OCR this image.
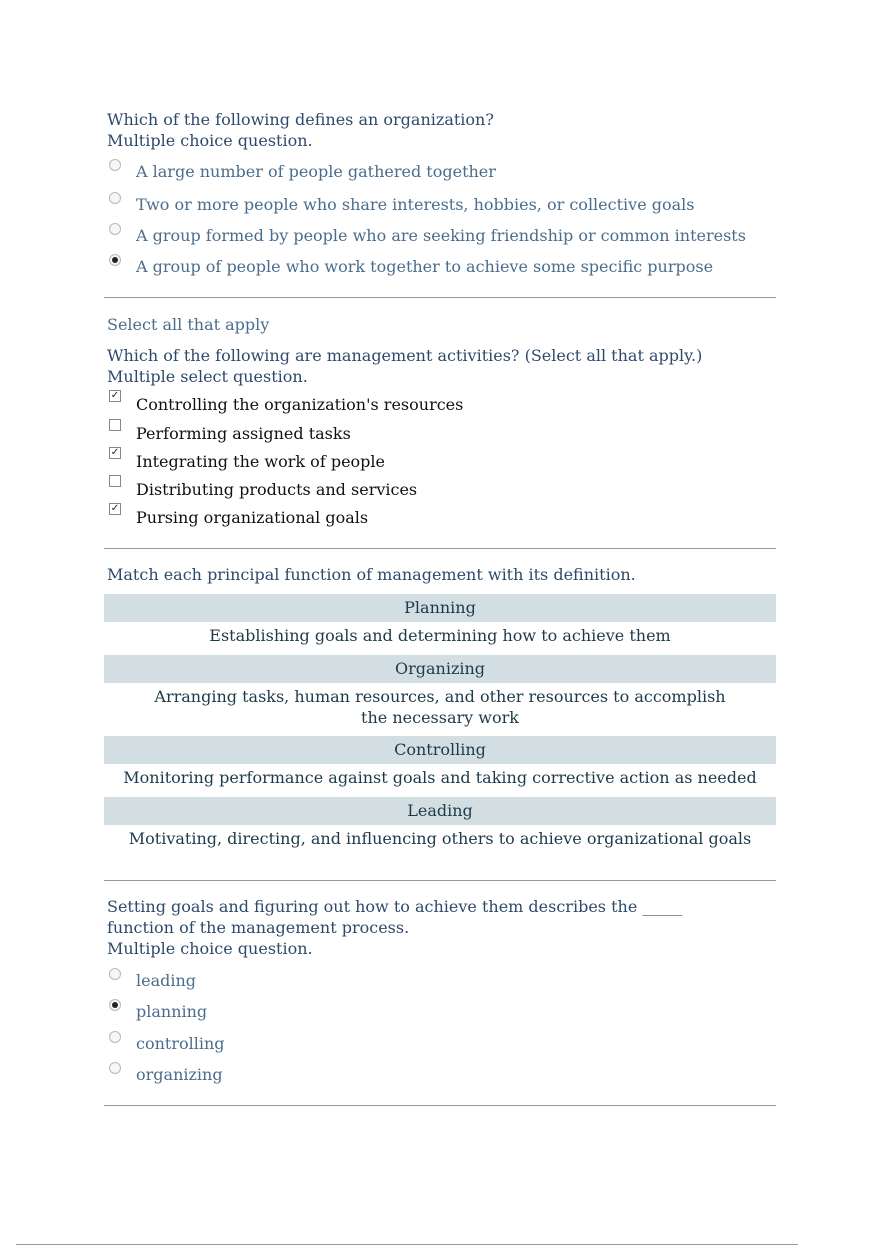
Which of the following defines an organization?
Multiple choice question.
A large number of people gathered together
Two or more people who share interests, hobbies, or collective goals
A group formed by people who are seeking friendship or common interests
A group of people who work together to achieve some specific purpose
Select all that apply
Which of the following are management activities? (Select all that apply.)
Multiple select question.
✓ Controlling the organization's resources
Performing assigned tasks
✓ Integrating the work of people
Distributing products and services
✓ Pursing organizational goals
Match each principal function of management with its definition.
Planning
Establishing goals and determining how to achieve them
Organizing
Arranging tasks, human resources, and other resources to accomplish the necessary work
Controlling
Monitoring performance against goals and taking corrective action as needed
Leading
Motivating, directing, and influencing others to achieve organizational goals
Setting goals and figuring out how to achieve them describes the _____ function of the management process.
Multiple choice question.
leading
planning
controlling
organizing
